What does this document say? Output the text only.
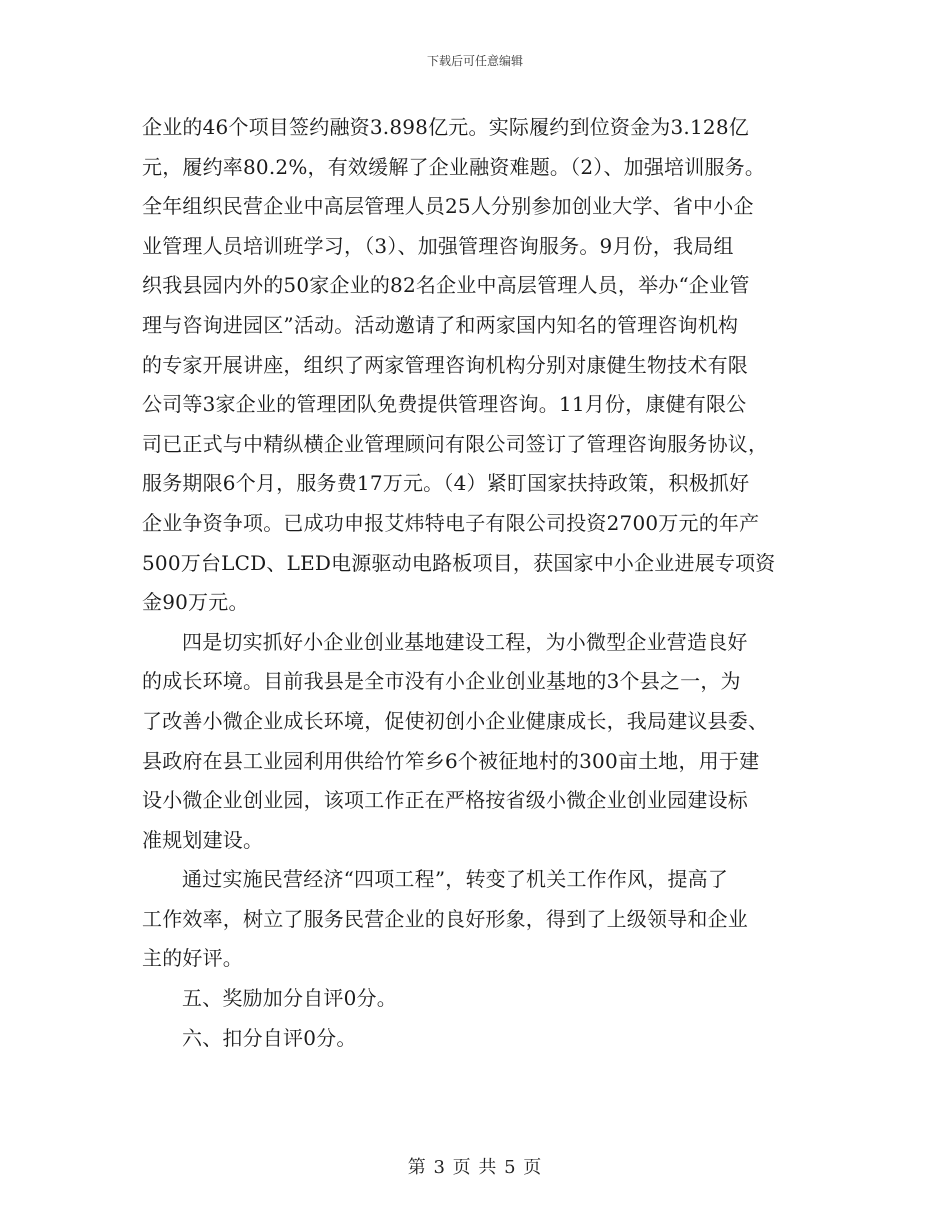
下载后可任意编辑
企业的46个项目签约融资3.898亿元。实际履约到位资金为3.128亿
元，履约率80.2%，有效缓解了企业融资难题。（2）、加强培训服务。
全年组织民营企业中高层管理人员25人分别参加创业大学、省中小企
业管理人员培训班学习，（3）、加强管理咨询服务。9月份，我局组
织我县园内外的50家企业的82名企业中高层管理人员，举办“企业管
理与咨询进园区”活动。活动邀请了和两家国内知名的管理咨询机构
的专家开展讲座，组织了两家管理咨询机构分别对康健生物技术有限
公司等3家企业的管理团队免费提供管理咨询。11月份，康健有限公
司已正式与中精纵横企业管理顾问有限公司签订了管理咨询服务协议，
服务期限6个月，服务费17万元。（4）紧盯国家扶持政策，积极抓好
企业争资争项。已成功申报艾炜特电子有限公司投资2700万元的年产
500万台LCD、LED电源驱动电路板项目，获国家中小企业进展专项资
金90万元。
四是切实抓好小企业创业基地建设工程，为小微型企业营造良好
的成长环境。目前我县是全市没有小企业创业基地的3个县之一，为
了改善小微企业成长环境，促使初创小企业健康成长，我局建议县委、
县政府在县工业园利用供给竹笮乡6个被征地村的300亩土地，用于建
设小微企业创业园，该项工作正在严格按省级小微企业创业园建设标
准规划建设。
通过实施民营经济“四项工程”，转变了机关工作作风，提高了
工作效率，树立了服务民营企业的良好形象，得到了上级领导和企业
主的好评。
五、奖励加分自评0分。
六、扣分自评0分。
第 3 页 共 5 页
